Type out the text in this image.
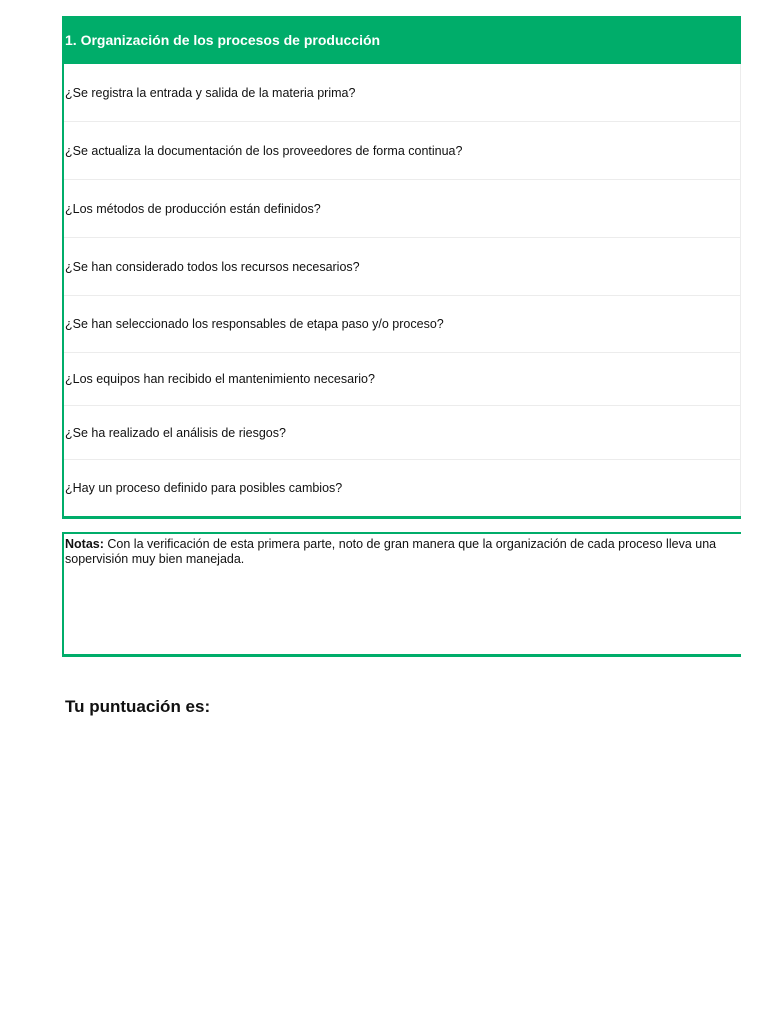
1. Organización de los procesos de producción
¿Se registra la entrada y salida de la materia prima?
¿Se actualiza la documentación de los proveedores de forma continua?
¿Los métodos de producción están definidos?
¿Se han considerado todos los recursos necesarios?
¿Se han seleccionado los responsables de etapa paso y/o proceso?
¿Los equipos han recibido el mantenimiento necesario?
¿Se ha realizado el análisis de riesgos?
¿Hay un proceso definido para posibles cambios?
Notas: Con la verificación de esta primera parte, noto de gran manera que la organización de cada proceso lleva una sopervisión muy bien manejada.
Tu puntuación es:
